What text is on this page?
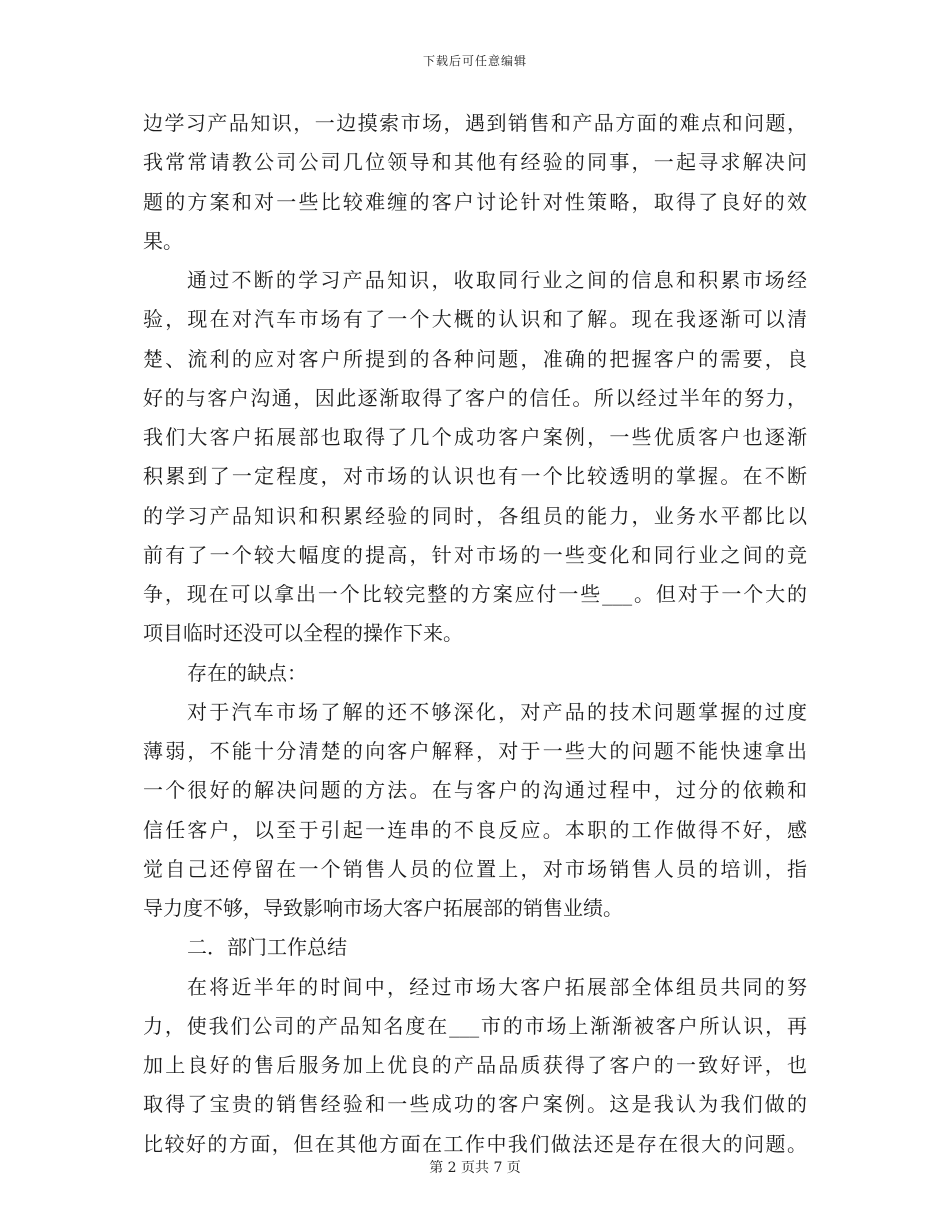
下载后可任意编辑
边学习产品知识，一边摸索市场，遇到销售和产品方面的难点和问题，
我常常请教公司公司几位领导和其他有经验的同事，一起寻求解决问
题的方案和对一些比较难缠的客户讨论针对性策略，取得了良好的效
果。
通过不断的学习产品知识，收取同行业之间的信息和积累市场经
验，现在对汽车市场有了一个大概的认识和了解。现在我逐渐可以清
楚、流利的应对客户所提到的各种问题，准确的把握客户的需要，良
好的与客户沟通，因此逐渐取得了客户的信任。所以经过半年的努力，
我们大客户拓展部也取得了几个成功客户案例，一些优质客户也逐渐
积累到了一定程度，对市场的认识也有一个比较透明的掌握。在不断
的学习产品知识和积累经验的同时，各组员的能力，业务水平都比以
前有了一个较大幅度的提高，针对市场的一些变化和同行业之间的竞
争，现在可以拿出一个比较完整的方案应付一些___。但对于一个大的
项目临时还没可以全程的操作下来。
存在的缺点：
对于汽车市场了解的还不够深化，对产品的技术问题掌握的过度
薄弱，不能十分清楚的向客户解释，对于一些大的问题不能快速拿出
一个很好的解决问题的方法。在与客户的沟通过程中，过分的依赖和
信任客户，以至于引起一连串的不良反应。本职的工作做得不好，感
觉自己还停留在一个销售人员的位置上，对市场销售人员的培训，指
导力度不够，导致影响市场大客户拓展部的销售业绩。
二．部门工作总结
在将近半年的时间中，经过市场大客户拓展部全体组员共同的努
力，使我们公司的产品知名度在___市的市场上渐渐被客户所认识，再
加上良好的售后服务加上优良的产品品质获得了客户的一致好评，也
取得了宝贵的销售经验和一些成功的客户案例。这是我认为我们做的
比较好的方面，但在其他方面在工作中我们做法还是存在很大的问题。
第 2 页共 7 页
